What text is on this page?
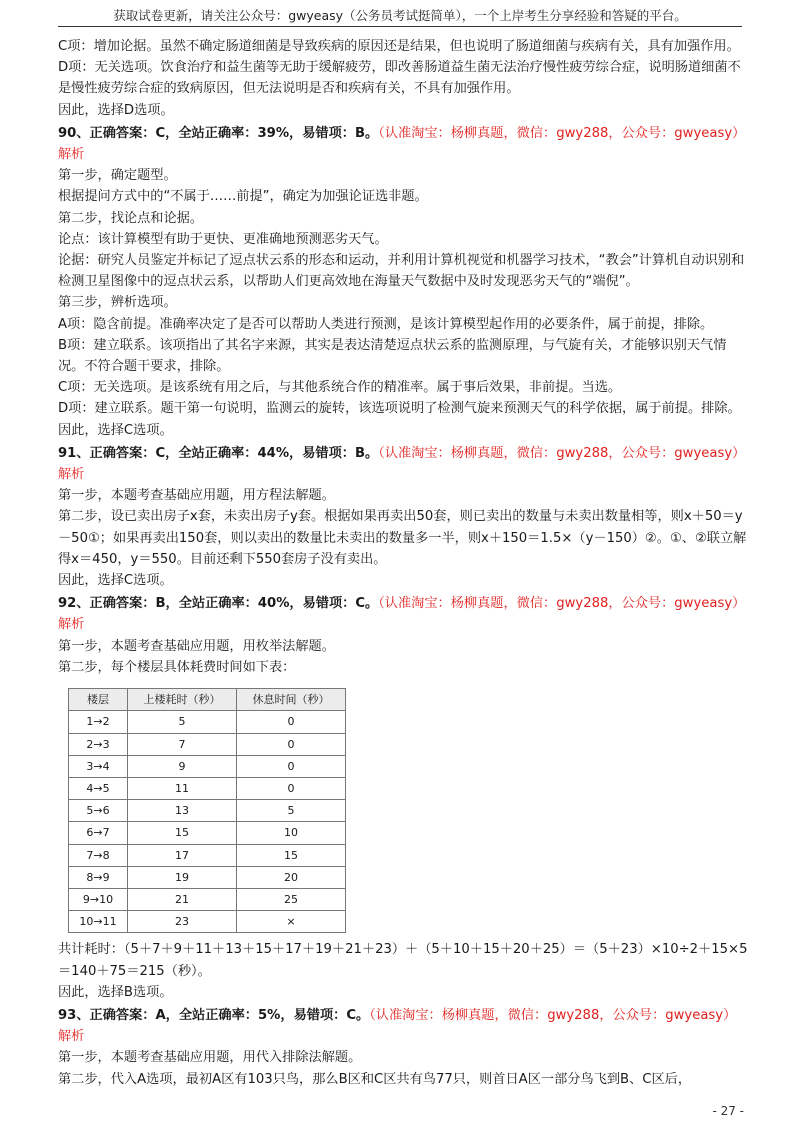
获取试卷更新，请关注公众号：gwyeasy（公务员考试挺简单），一个上岸考生分享经验和答疑的平台。

C项：增加论据。虽然不确定肠道细菌是导致疾病的原因还是结果，但也说明了肠道细菌与疾病有关，具有加强作用。

D项：无关选项。饮食治疗和益生菌等无助于缓解疲劳，即改善肠道益生菌无法治疗慢性疲劳综合症，说明肠道细菌不是慢性疲劳综合症的致病原因，但无法说明是否和疾病有关，不具有加强作用。

因此，选择D选项。

90、正确答案：C，全站正确率：39%，易错项：B。（认准淘宝：杨柳真题，微信：gwy288，公众号：gwyeasy）

解析

第一步，确定题型。

根据提问方式中的“不属于……前提”，确定为加强论证选非题。

第二步，找论点和论据。

论点：该计算模型有助于更快、更准确地预测恶劣天气。

论据：研究人员鉴定并标记了逗点状云系的形态和运动，并利用计算机视觉和机器学习技术，“教会”计算机自动识别和检测卫星图像中的逗点状云系，以帮助人们更高效地在海量天气数据中及时发现恶劣天气的“端倪”。

第三步，辨析选项。

A项：隐含前提。准确率决定了是否可以帮助人类进行预测，是该计算模型起作用的必要条件，属于前提，排除。

B项：建立联系。该项指出了其名字来源，其实是表达清楚逗点状云系的监测原理，与气旋有关，才能够识别天气情况。不符合题干要求，排除。

C项：无关选项。是该系统有用之后，与其他系统合作的精准率。属于事后效果，非前提。当选。

D项：建立联系。题干第一句说明，监测云的旋转，该选项说明了检测气旋来预测天气的科学依据，属于前提。排除。

因此，选择C选项。

91、正确答案：C，全站正确率：44%，易错项：B。（认准淘宝：杨柳真题，微信：gwy288，公众号：gwyeasy）

解析

第一步，本题考查基础应用题，用方程法解题。

第二步，设已卖出房子x套，未卖出房子y套。根据如果再卖出50套，则已卖出的数量与未卖出数量相等，则x＋50＝y－50①；如果再卖出150套，则以卖出的数量比未卖出的数量多一半，则x＋150＝1.5×（y－150）②。①、②联立解得x＝450，y＝550。目前还剩下550套房子没有卖出。

因此，选择C选项。

92、正确答案：B，全站正确率：40%，易错项：C。（认准淘宝：杨柳真题，微信：gwy288，公众号：gwyeasy）

解析

第一步，本题考查基础应用题，用枚举法解题。

第二步，每个楼层具体耗费时间如下表：

楼层	上楼耗时（秒）	休息时间（秒）
1→2	5	0
2→3	7	0
3→4	9	0
4→5	11	0
5→6	13	5
6→7	15	10
7→8	17	15
8→9	19	20
9→10	21	25
10→11	23	×

共计耗时：（5＋7＋9＋11＋13＋15＋17＋19＋21＋23）＋（5＋10＋15＋20＋25）＝（5＋23）×10÷2＋15×5＝140＋75＝215（秒）。

因此，选择B选项。

93、正确答案：A，全站正确率：5%，易错项：C。（认准淘宝：杨柳真题，微信：gwy288，公众号：gwyeasy）

解析

第一步，本题考查基础应用题，用代入排除法解题。

第二步，代入A选项，最初A区有103只鸟，那么B区和C区共有鸟77只，则首日A区一部分鸟飞到B、C区后，

- 27 -
